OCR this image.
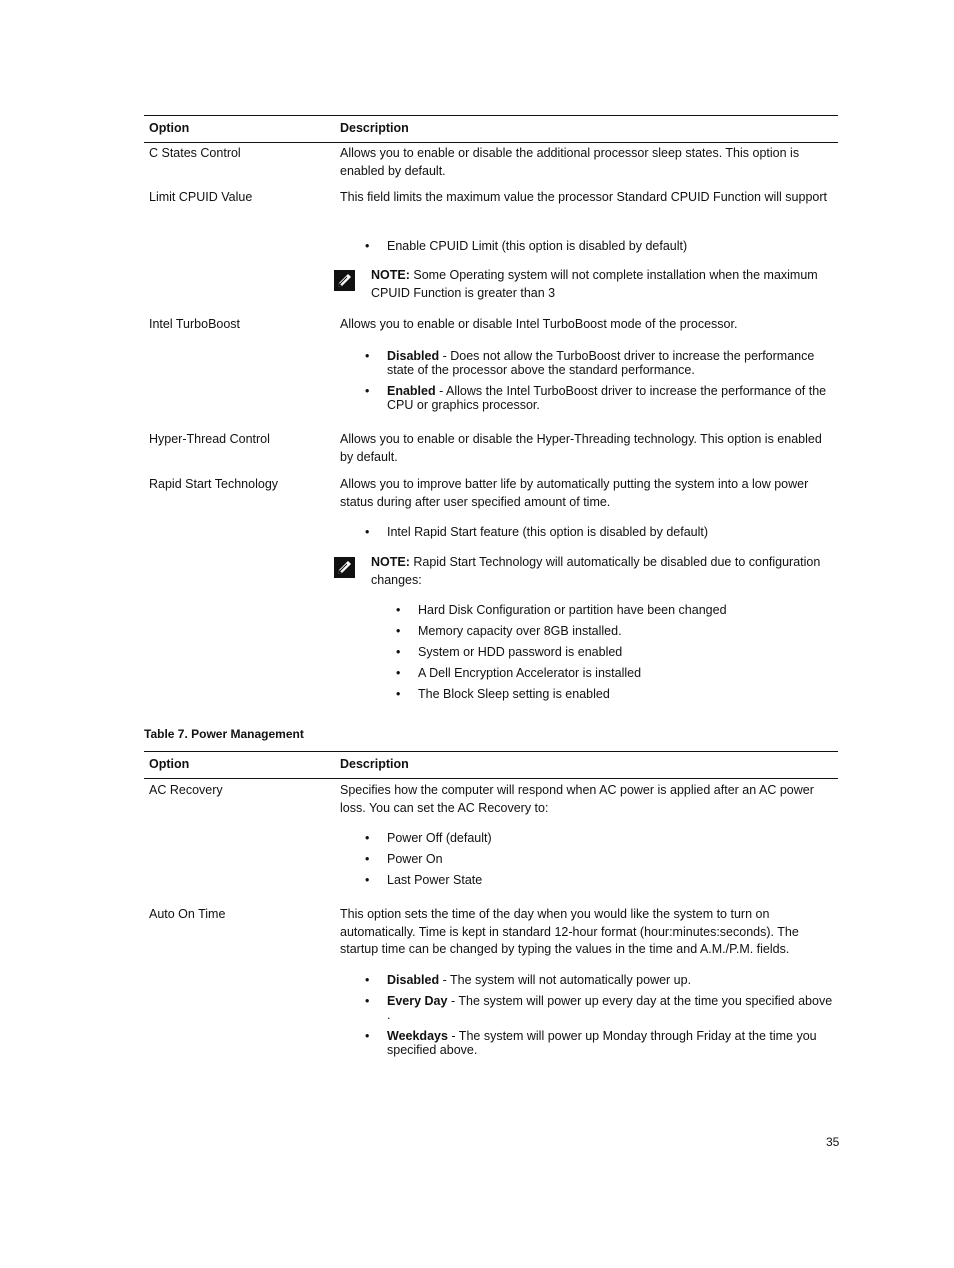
Option	Description
C States Control	Allows you to enable or disable the additional processor sleep states. This option is enabled by default.
Limit CPUID Value	This field limits the maximum value the processor Standard CPUID Function will support
• Enable CPUID Limit (this option is disabled by default)
NOTE: Some Operating system will not complete installation when the maximum CPUID Function is greater than 3
Intel TurboBoost	Allows you to enable or disable Intel TurboBoost mode of the processor.
• Disabled - Does not allow the TurboBoost driver to increase the performance state of the processor above the standard performance.
• Enabled - Allows the Intel TurboBoost driver to increase the performance of the CPU or graphics processor.
Hyper-Thread Control	Allows you to enable or disable the Hyper-Threading technology. This option is enabled by default.
Rapid Start Technology	Allows you to improve batter life by automatically putting the system into a low power status during after user specified amount of time.
• Intel Rapid Start feature (this option is disabled by default)
NOTE: Rapid Start Technology will automatically be disabled due to configuration changes:
• Hard Disk Configuration or partition have been changed
• Memory capacity over 8GB installed.
• System or HDD password is enabled
• A Dell Encryption Accelerator is installed
• The Block Sleep setting is enabled
Table 7. Power Management
Option	Description
AC Recovery	Specifies how the computer will respond when AC power is applied after an AC power loss. You can set the AC Recovery to:
• Power Off (default)
• Power On
• Last Power State
Auto On Time	This option sets the time of the day when you would like the system to turn on automatically. Time is kept in standard 12-hour format (hour:minutes:seconds). The startup time can be changed by typing the values in the time and A.M./P.M. fields.
• Disabled - The system will not automatically power up.
• Every Day - The system will power up every day at the time you specified above .
• Weekdays - The system will power up Monday through Friday at the time you specified above.
35
